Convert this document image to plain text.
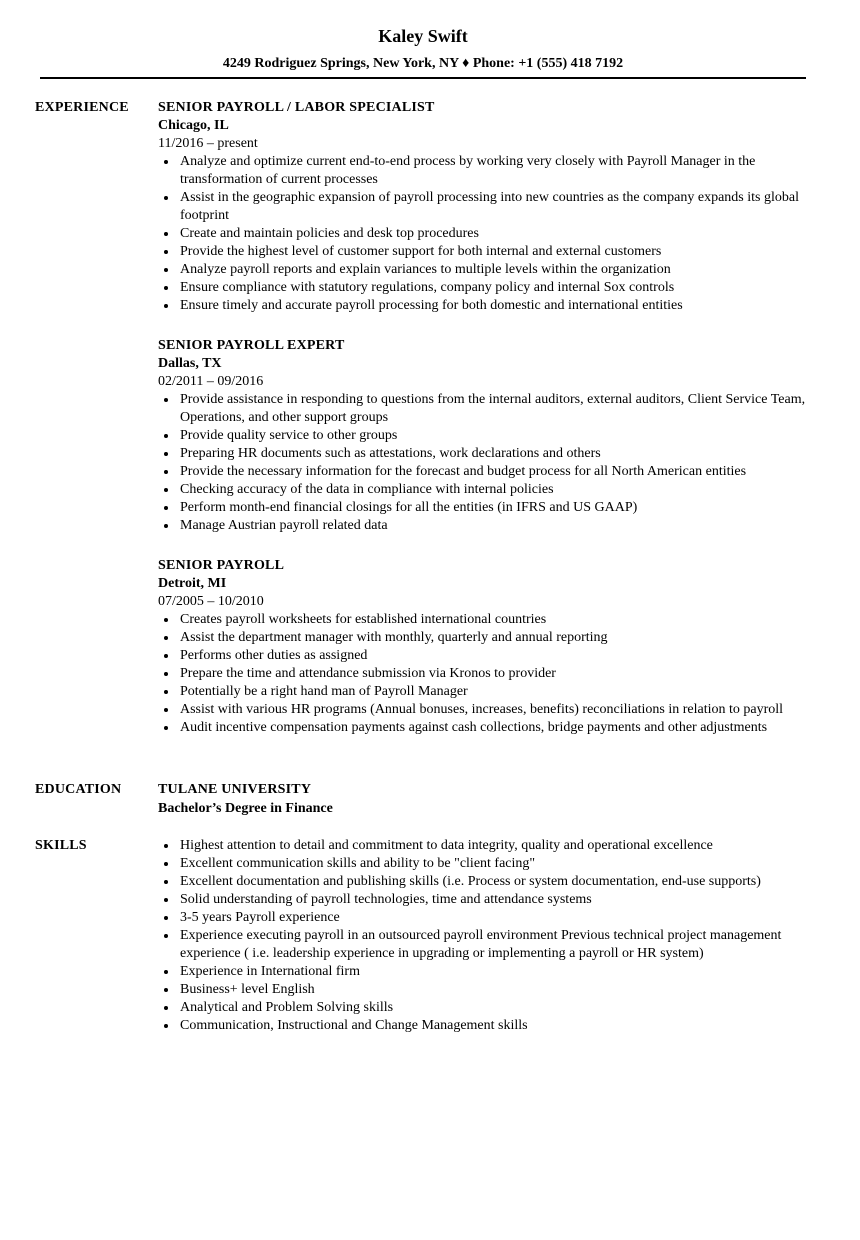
Kaley Swift
4249 Rodriguez Springs, New York, NY ♦ Phone: +1 (555) 418 7192
EXPERIENCE SENIOR PAYROLL / LABOR SPECIALIST
Chicago, IL
11/2016 – present
Analyze and optimize current end-to-end process by working very closely with Payroll Manager in the transformation of current processes
Assist in the geographic expansion of payroll processing into new countries as the company expands its global footprint
Create and maintain policies and desk top procedures
Provide the highest level of customer support for both internal and external customers
Analyze payroll reports and explain variances to multiple levels within the organization
Ensure compliance with statutory regulations, company policy and internal Sox controls
Ensure timely and accurate payroll processing for both domestic and international entities
SENIOR PAYROLL EXPERT
Dallas, TX
02/2011 – 09/2016
Provide assistance in responding to questions from the internal auditors, external auditors, Client Service Team, Operations, and other support groups
Provide quality service to other groups
Preparing HR documents such as attestations, work declarations and others
Provide the necessary information for the forecast and budget process for all North American entities
Checking accuracy of the data in compliance with internal policies
Perform month-end financial closings for all the entities (in IFRS and US GAAP)
Manage Austrian payroll related data
SENIOR PAYROLL
Detroit, MI
07/2005 – 10/2010
Creates payroll worksheets for established international countries
Assist the department manager with monthly, quarterly and annual reporting
Performs other duties as assigned
Prepare the time and attendance submission via Kronos to provider
Potentially be a right hand man of Payroll Manager
Assist with various HR programs (Annual bonuses, increases, benefits) reconciliations in relation to payroll
Audit incentive compensation payments against cash collections, bridge payments and other adjustments
EDUCATION	TULANE UNIVERSITY
Bachelor’s Degree in Finance
SKILLS	Highest attention to detail and commitment to data integrity, quality and operational excellence
Excellent communication skills and ability to be "client facing"
Excellent documentation and publishing skills (i.e. Process or system documentation, end-use supports)
Solid understanding of payroll technologies, time and attendance systems
3-5 years Payroll experience
Experience executing payroll in an outsourced payroll environment Previous technical project management experience ( i.e. leadership experience in upgrading or implementing a payroll or HR system)
Experience in International firm
Business+ level English
Analytical and Problem Solving skills
Communication, Instructional and Change Management skills
